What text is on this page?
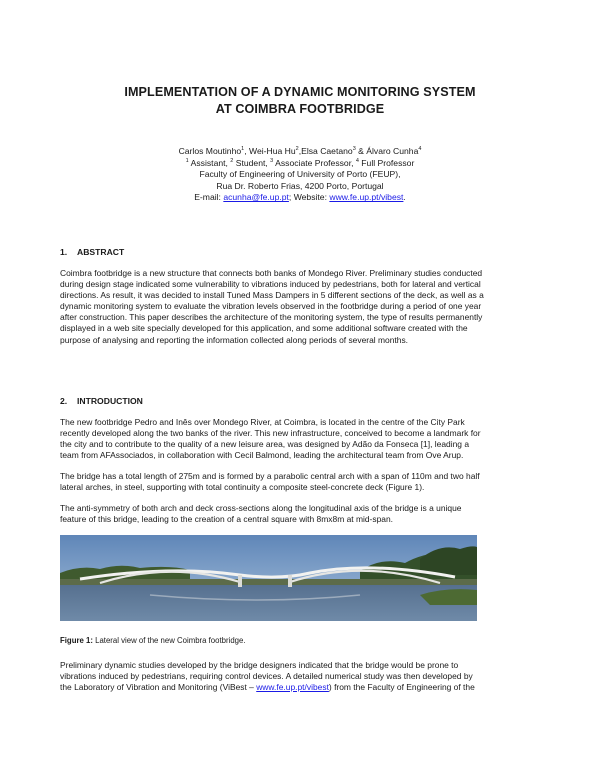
IMPLEMENTATION OF A DYNAMIC MONITORING SYSTEM
AT COIMBRA FOOTBRIDGE
Carlos Moutinho$^1$, Wei-Hua Hu$^2$,Elsa Caetano$^3$ & Álvaro Cunha$^4$
$^1$ Assistant, $^2$ Student, $^3$ Associate Professor, $^4$ Full Professor
Faculty of Engineering of University of Porto (FEUP),
Rua Dr. Roberto Frias, 4200 Porto, Portugal
E-mail: acunha@fe.up.pt; Website: www.fe.up.pt/vibest.
1. ABSTRACT
Coimbra footbridge is a new structure that connects both banks of Mondego River. Preliminary studies conducted
during design stage indicated some vulnerability to vibrations induced by pedestrians, both for lateral and vertical
directions. As result, it was decided to install Tuned Mass Dampers in 5 different sections of the deck, as well as a
dynamic monitoring system to evaluate the vibration levels observed in the footbridge during a period of one year
after construction. This paper describes the architecture of the monitoring system, the type of results permanently
displayed in a web site specially developed for this application, and some additional software created with the
purpose of analysing and reporting the information collected along periods of several months.
2. INTRODUCTION
The new footbridge Pedro and Inês over Mondego River, at Coimbra, is located in the centre of the City Park
recently developed along the two banks of the river. This new infrastructure, conceived to become a landmark for
the city and to contribute to the quality of a new leisure area, was designed by Adão da Fonseca [1], leading a
team from AFAssociados, in collaboration with Cecil Balmond, leading the architectural team from Ove Arup.
The bridge has a total length of 275m and is formed by a parabolic central arch with a span of 110m and two half
lateral arches, in steel, supporting with total continuity a composite steel-concrete deck (Figure 1).
The anti-symmetry of both arch and deck cross-sections along the longitudinal axis of the bridge is a unique
feature of this bridge, leading to the creation of a central square with 8mx8m at mid-span.
Figure 1: Lateral view of the new Coimbra footbridge.
Preliminary dynamic studies developed by the bridge designers indicated that the bridge would be prone to
vibrations induced by pedestrians, requiring control devices. A detailed numerical study was then developed by
the Laboratory of Vibration and Monitoring (ViBest – www.fe.up.pt/vibest) from the Faculty of Engineering of the
